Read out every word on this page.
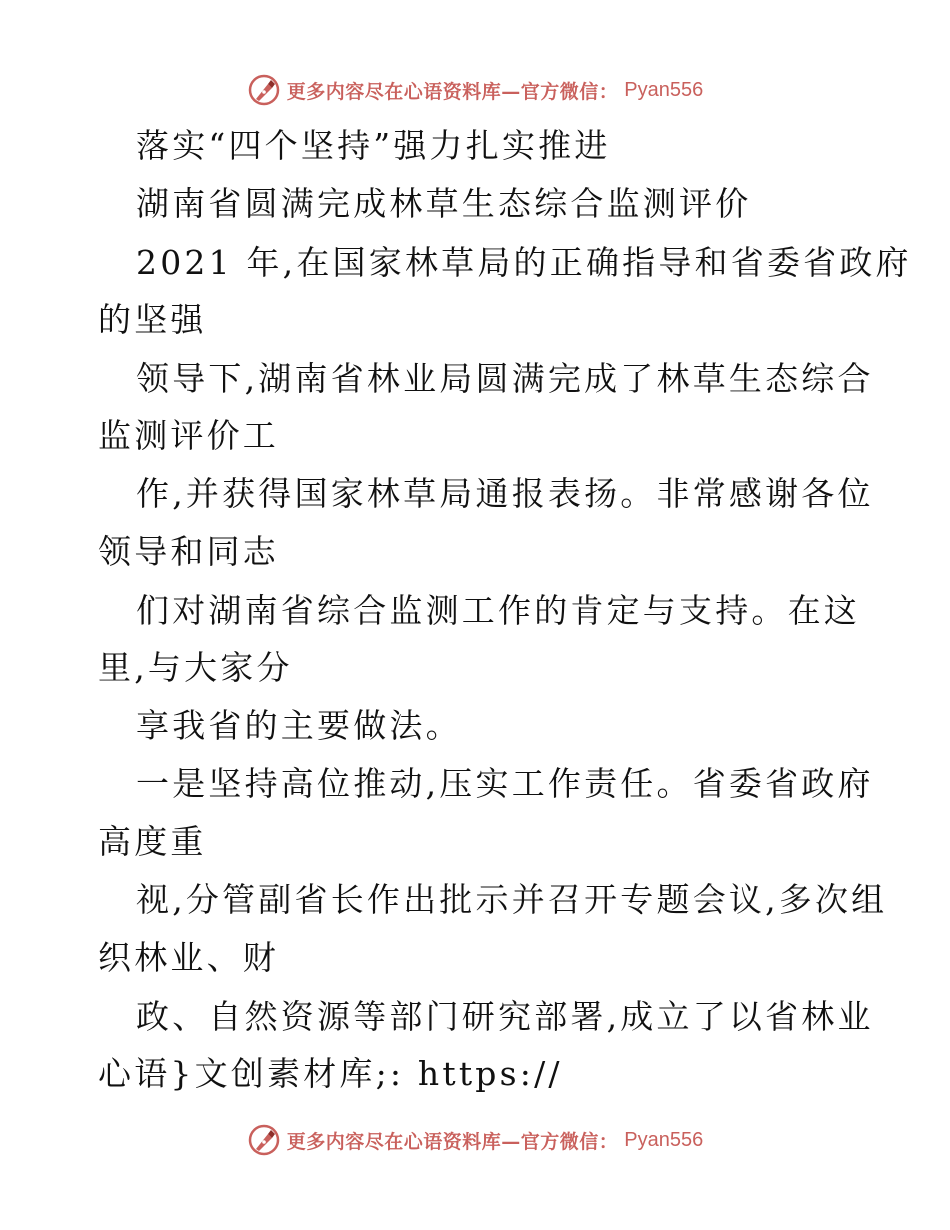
更多内容尽在心语资料库—官方微信： Pyan556
落实“四个坚持”强力扎实推进
湖南省圆满完成林草生态综合监测评价
2021 年,在国家林草局的正确指导和省委省政府
的坚强
领导下,湖南省林业局圆满完成了林草生态综合
监测评价工
作,并获得国家林草局通报表扬。非常感谢各位
领导和同志
们对湖南省综合监测工作的肯定与支持。在这
里,与大家分
享我省的主要做法。
一是坚持高位推动,压实工作责任。省委省政府
高度重
视,分管副省长作出批示并召开专题会议,多次组
织林业、财
政、自然资源等部门研究部署,成立了以省林业
心语}文创素材库;: https://
更多内容尽在心语资料库—官方微信： Pyan556
